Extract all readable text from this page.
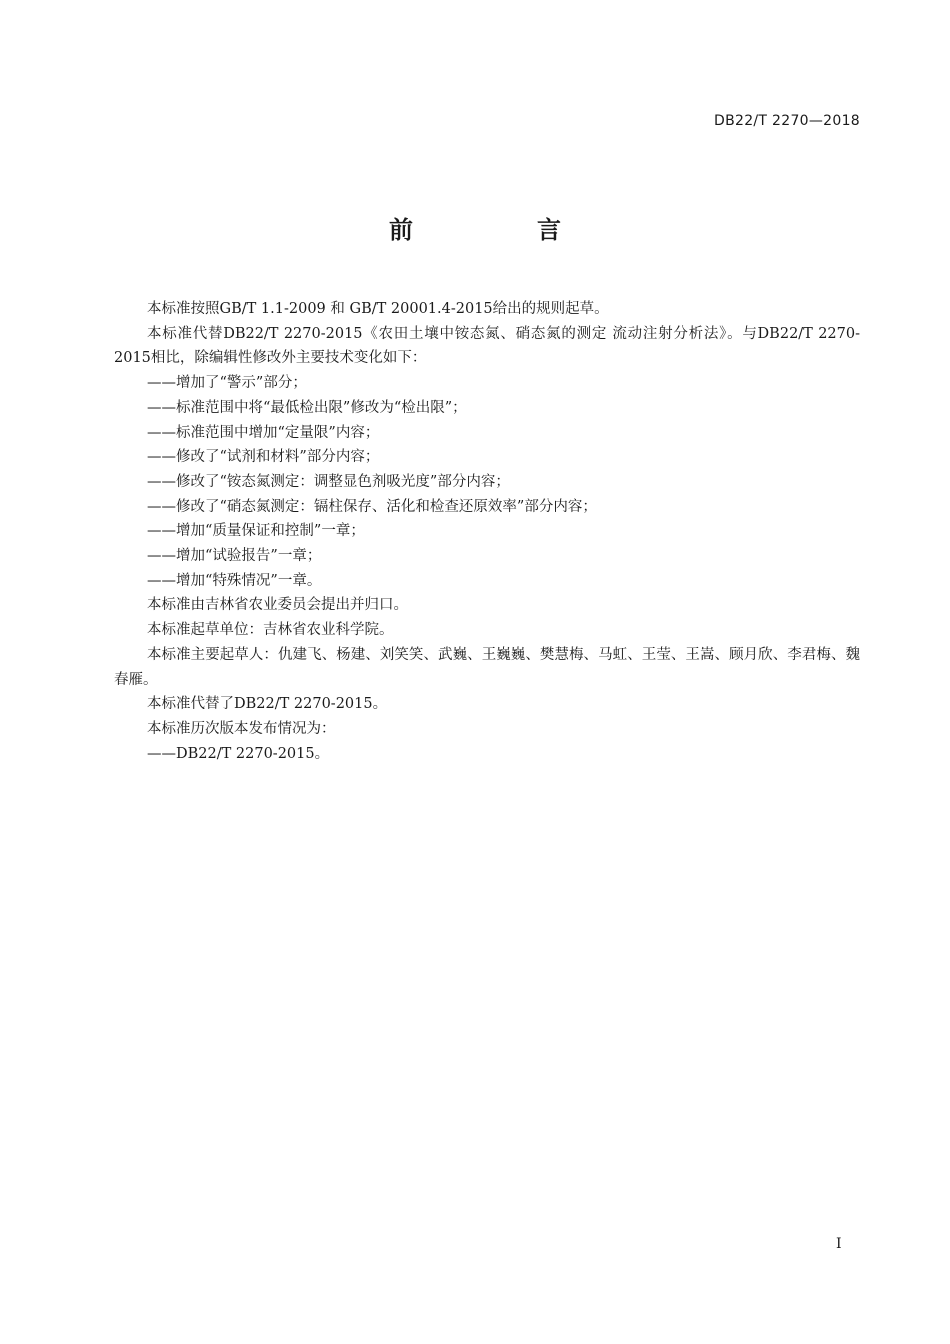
DB22/T 2270—2018
前　言

本标准按照GB/T 1.1-2009 和 GB/T 20001.4-2015给出的规则起草。

本标准代替DB22/T 2270-2015《农田土壤中铵态氮、硝态氮的测定 流动注射分析法》。与DB22/T 2270-2015相比，除编辑性修改外主要技术变化如下：

——增加了“警示”部分；

——标准范围中将“最低检出限”修改为“检出限”；

——标准范围中增加“定量限”内容；

——修改了“试剂和材料”部分内容；

——修改了“铵态氮测定：调整显色剂吸光度”部分内容；

——修改了“硝态氮测定：镉柱保存、活化和检查还原效率”部分内容；

——增加“质量保证和控制”一章；

——增加“试验报告”一章；

——增加“特殊情况”一章。

本标准由吉林省农业委员会提出并归口。

本标准起草单位：吉林省农业科学院。

本标准主要起草人：仇建飞、杨建、刘笑笑、武巍、王巍巍、樊慧梅、马虹、王莹、王嵩、顾月欣、李君梅、魏春雁。

本标准代替了DB22/T 2270-2015。

本标准历次版本发布情况为：

——DB22/T 2270-2015。

I
